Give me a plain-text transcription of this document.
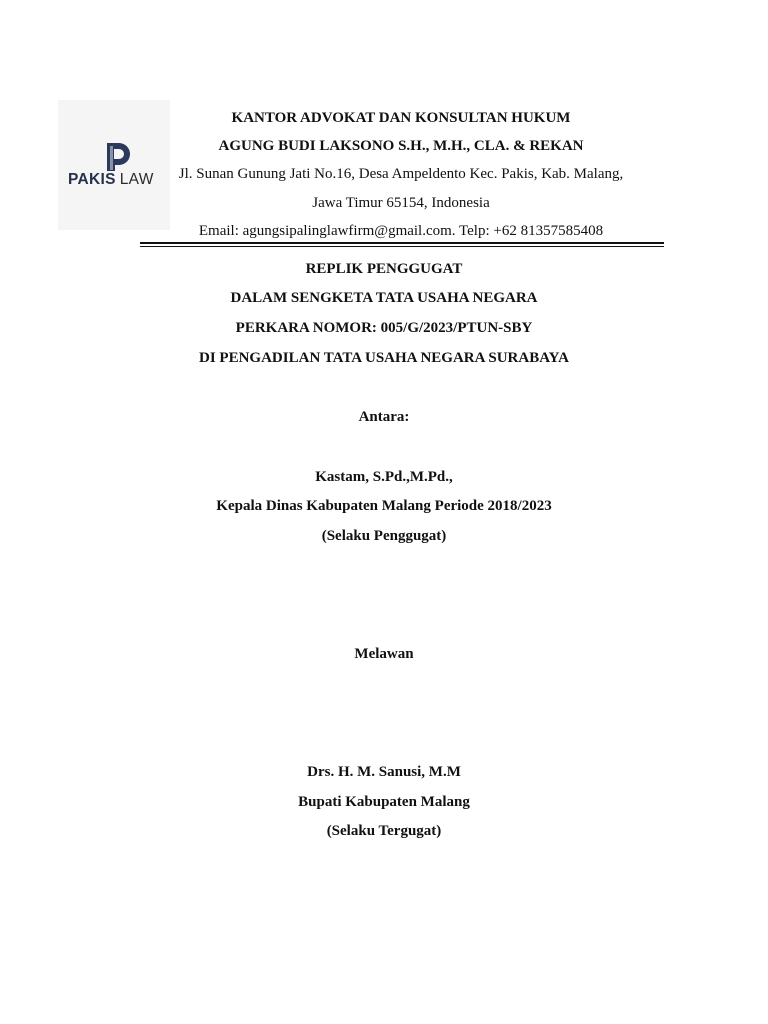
PAKIS LAW
KANTOR ADVOKAT DAN KONSULTAN HUKUM
AGUNG BUDI LAKSONO S.H., M.H., CLA. & REKAN
Jl. Sunan Gunung Jati No.16, Desa Ampeldento Kec. Pakis, Kab. Malang,
Jawa Timur 65154, Indonesia
Email: agungsipalinglawfirm@gmail.com. Telp: +62 81357585408
REPLIK PENGGUGAT
DALAM SENGKETA TATA USAHA NEGARA
PERKARA NOMOR: 005/G/2023/PTUN-SBY
DI PENGADILAN TATA USAHA NEGARA SURABAYA
Antara:
Kastam, S.Pd.,M.Pd.,
Kepala Dinas Kabupaten Malang Periode 2018/2023
(Selaku Penggugat)
Melawan
Drs. H. M. Sanusi, M.M
Bupati Kabupaten Malang
(Selaku Tergugat)
